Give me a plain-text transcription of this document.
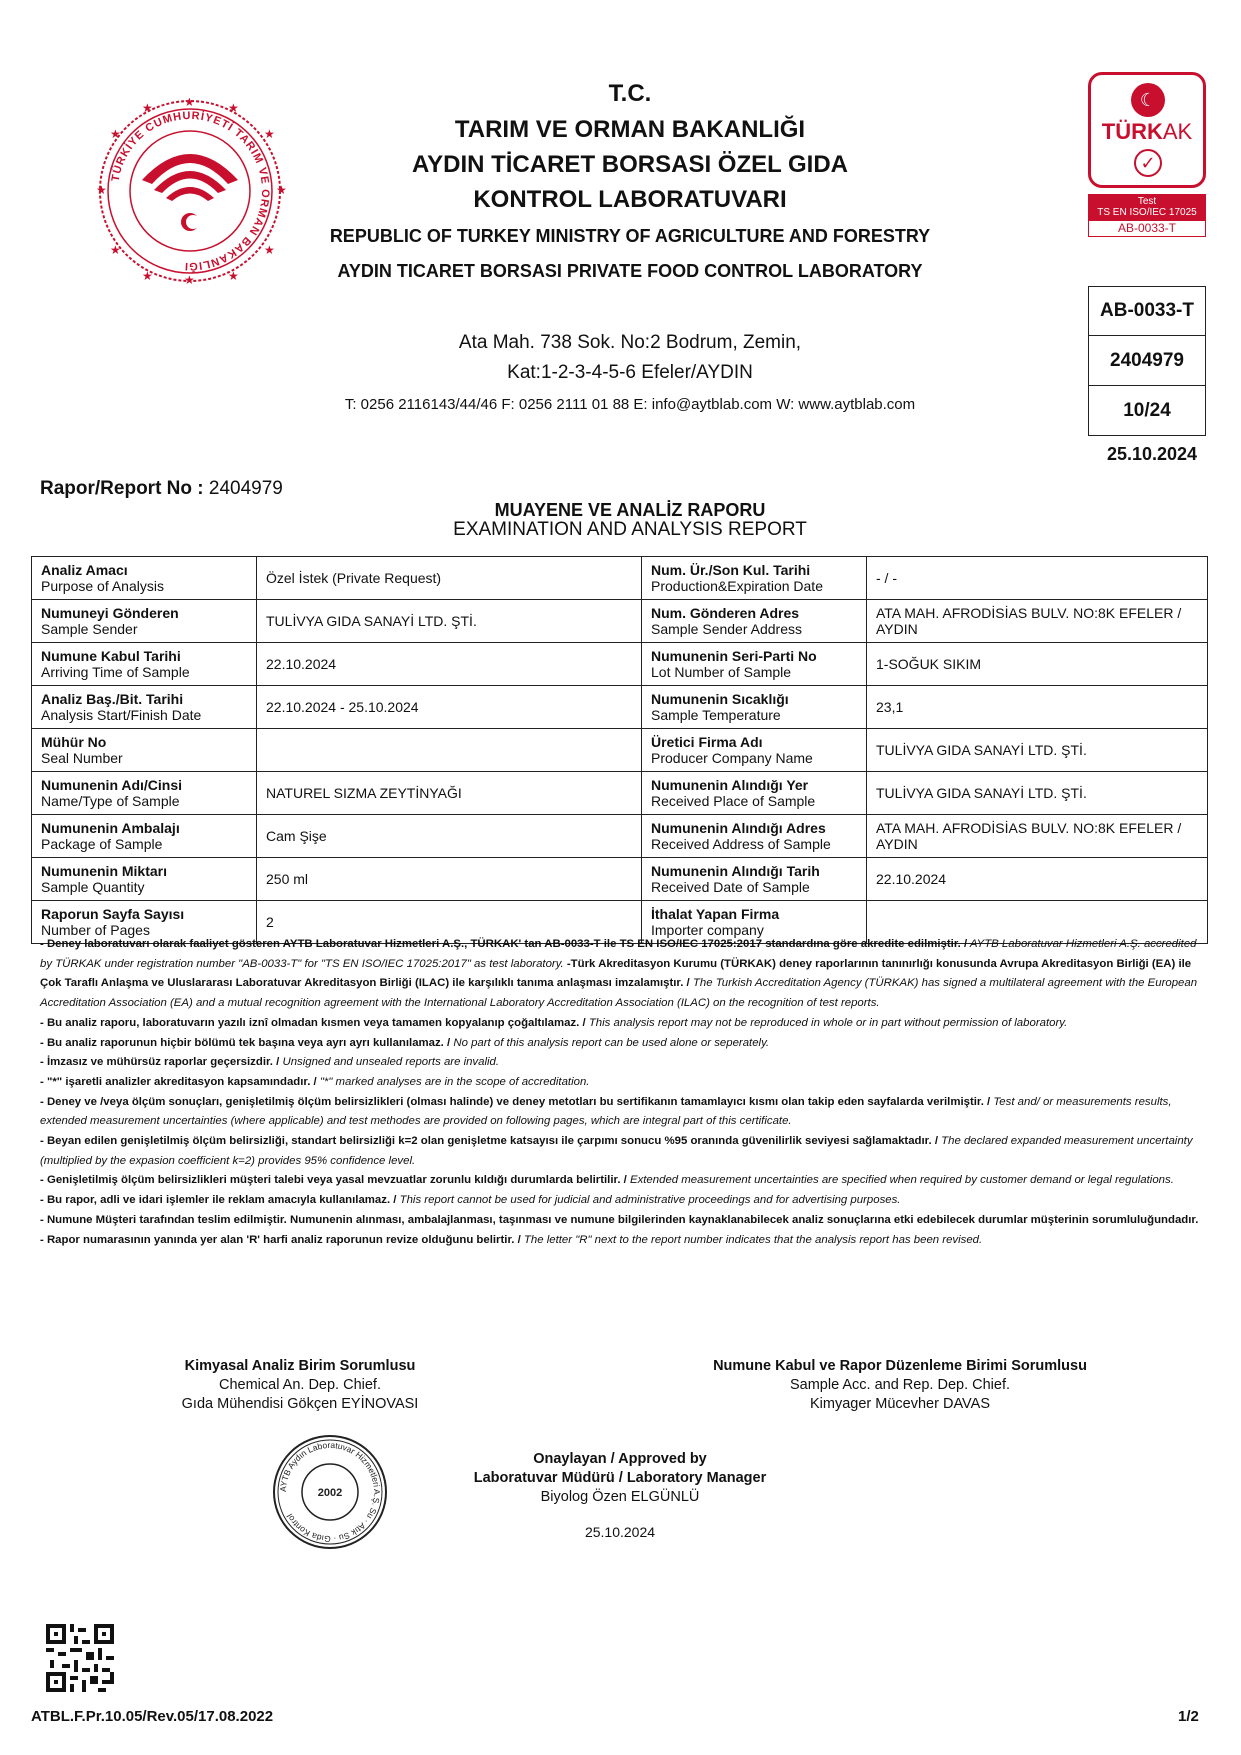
TÜRKİYE CUMHURİYETİ TARIM VE ORMAN BAKANLIĞI
★	★
★	★
★	★
★
★
★	★
★	★
T.C.
TARIM VE ORMAN BAKANLIĞI
AYDIN TİCARET BORSASI ÖZEL GIDA
KONTROL LABORATUVARI
REPUBLIC OF TURKEY MINISTRY OF AGRICULTURE AND FORESTRY
AYDIN TICARET BORSASI PRIVATE FOOD CONTROL LABORATORY
Ata Mah. 738 Sok. No:2 Bodrum, Zemin,
Kat:1-2-3-4-5-6 Efeler/AYDIN
T: 0256 2116143/44/46 F: 0256 2111 01 88 E: info@aytblab.com W: www.aytblab.com
☾
TÜRKAK
✓
Test
TS EN ISO/IEC 17025
AB-0033-T
AB-0033-T
2404979
10/24
25.10.2024
Rapor/Report No : 2404979
MUAYENE VE ANALİZ RAPORU
EXAMINATION AND ANALYSIS REPORT
Analiz Amacı
Purpose of Analysis	Özel İstek (Private Request)	Num. Ür./Son Kul. Tarihi
Production&Expiration Date	- / -

Numuneyi Gönderen
Sample Sender	TULİVYA GIDA SANAYİ LTD. ŞTİ.	Num. Gönderen Adres
Sample Sender Address	ATA MAH. AFRODİSİAS BULV. NO:8K EFELER / AYDIN

Numune Kabul Tarihi
Arriving Time of Sample	22.10.2024	Numunenin Seri-Parti No
Lot Number of Sample	1-SOĞUK SIKIM

Analiz Baş./Bit. Tarihi
Analysis Start/Finish Date	22.10.2024 - 25.10.2024	Numunenin Sıcaklığı
Sample Temperature	23,1

Mühür No
Seal Number		Üretici Firma Adı
Producer Company Name	TULİVYA GIDA SANAYİ LTD. ŞTİ.

Numunenin Adı/Cinsi
Name/Type of Sample	NATUREL SIZMA ZEYTİNYAĞI	Numunenin Alındığı Yer
Received Place of Sample	TULİVYA GIDA SANAYİ LTD. ŞTİ.

Numunenin Ambalajı
Package of Sample	Cam Şişe	Numunenin Alındığı Adres
Received Address of Sample	ATA MAH. AFRODİSİAS BULV. NO:8K EFELER / AYDIN

Numunenin Miktarı
Sample Quantity	250 ml	Numunenin Alındığı Tarih
Received Date of Sample	22.10.2024

Raporun Sayfa Sayısı
Number of Pages	2	İthalat Yapan Firma
Importer company	

- Deney laboratuvarı olarak faaliyet gösteren AYTB Laboratuvar Hizmetleri A.Ş., TÜRKAK' tan AB-0033-T ile TS EN ISO/IEC 17025:2017 standardına göre akredite edilmiştir. / AYTB Laboratuvar Hizmetleri A.Ş. accredited by TÜRKAK under registration number "AB-0033-T" for "TS EN ISO/IEC 17025:2017" as test laboratory. -Türk Akreditasyon Kurumu (TÜRKAK) deney raporlarının tanınırlığı konusunda Avrupa Akreditasyon Birliği (EA) ile Çok Taraflı Anlaşma ve Uluslararası Laboratuvar Akreditasyon Birliği (ILAC) ile karşılıklı tanıma anlaşması imzalamıştır. / The Turkish Accreditation Agency (TÜRKAK) has signed a multilateral agreement with the European Accreditation Association (EA) and a mutual recognition agreement with the International Laboratory Accreditation Association (ILAC) on the recognition of test reports.

- Bu analiz raporu, laboratuvarın yazılı iznî olmadan kısmen veya tamamen kopyalanıp çoğaltılamaz. / This analysis report may not be reproduced in whole or in part without permission of laboratory.

- Bu analiz raporunun hiçbir bölümü tek başına veya ayrı ayrı kullanılamaz. / No part of this analysis report can be used alone or seperately.

- İmzasız ve mühürsüz raporlar geçersizdir. / Unsigned and unsealed reports are invalid.

- "*" işaretli analizler akreditasyon kapsamındadır. / "*" marked analyses are in the scope of accreditation.

- Deney ve /veya ölçüm sonuçları, genişletilmiş ölçüm belirsizlikleri (olması halinde) ve deney metotları bu sertifikanın tamamlayıcı kısmı olan takip eden sayfalarda verilmiştir. / Test and/ or measurements results, extended measurement uncertainties (where applicable) and test methodes are provided on following pages, which are integral part of this certificate.

- Beyan edilen genişletilmiş ölçüm belirsizliği, standart belirsizliği k=2 olan genişletme katsayısı ile çarpımı sonucu %95 oranında güvenilirlik seviyesi sağlamaktadır. / The declared expanded measurement uncertainty (multiplied by the expasion coefficient k=2) provides 95% confidence level.

- Genişletilmiş ölçüm belirsizlikleri müşteri talebi veya yasal mevzuatlar zorunlu kıldığı durumlarda belirtilir. / Extended measurement uncertainties are specified when required by customer demand or legal regulations.

- Bu rapor, adli ve idari işlemler ile reklam amacıyla kullanılamaz. / This report cannot be used for judicial and administrative proceedings and for advertising purposes.

- Numune Müşteri tarafından teslim edilmiştir. Numunenin alınması, ambalajlanması, taşınması ve numune bilgilerinden kaynaklanabilecek analiz sonuçlarına etki edebilecek durumlar müşterinin sorumluluğundadır.

- Rapor numarasının yanında yer alan 'R' harfi analiz raporunun revize olduğunu belirtir. / The letter "R" next to the report number indicates that the analysis report has been revised.

Kimyasal Analiz Birim Sorumlusu
Chemical An. Dep. Chief.
Gıda Mühendisi Gökçen EYİNOVASI
Numune Kabul ve Rapor Düzenleme Birimi Sorumlusu
Sample Acc. and Rep. Dep. Chief.
Kimyager Mücevher DAVAS
Onaylayan / Approved by
Laboratuvar Müdürü / Laboratory Manager
Biyolog Özen ELGÜNLÜ
25.10.2024
AYTB Aydın Laboratuvar Hizmetleri A.Ş. Su · Atık Su · Gıda Kontrol
2002
ATBL.F.Pr.10.05/Rev.05/17.08.2022	1/2
